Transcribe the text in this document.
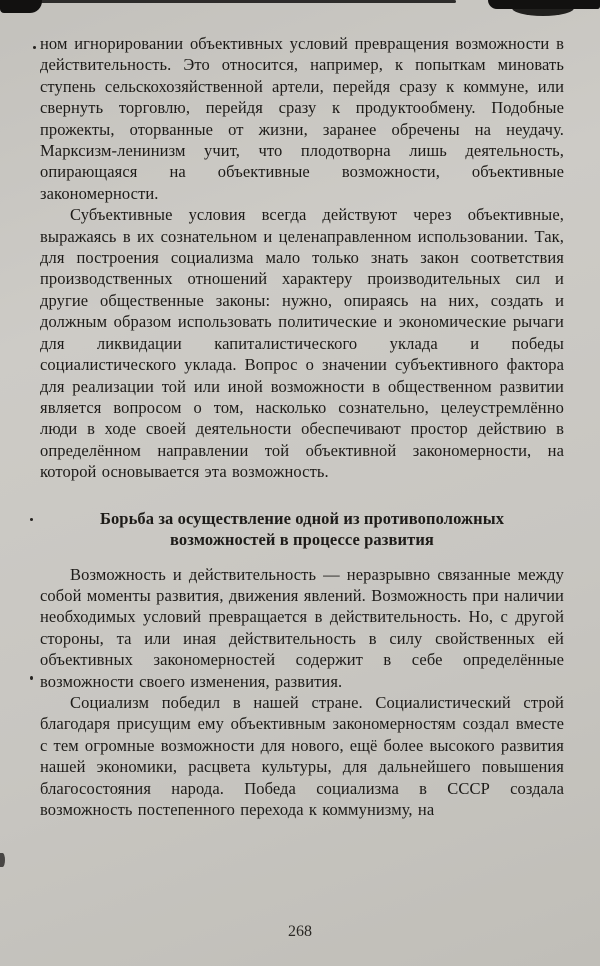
ном игнорировании объективных условий превращения возможности в действительность. Это относится, например, к попыткам миновать ступень сельскохозяйственной артели, перейдя сразу к коммуне, или свернуть торговлю, перейдя сразу к продуктообмену. Подобные прожекты, оторванные от жизни, заранее обречены на неудачу. Марксизм-ленинизм учит, что плодотворна лишь деятельность, опирающаяся на объективные возможности, объективные закономерности.

Субъективные условия всегда действуют через объективные, выражаясь в их сознательном и целенаправленном использовании. Так, для построения социализма мало только знать закон соответствия производственных отношений характеру производительных сил и другие общественные законы: нужно, опираясь на них, создать и должным образом использовать политические и экономические рычаги для ликвидации капиталистического уклада и победы социалистического уклада. Вопрос о значении субъективного фактора для реализации той или иной возможности в общественном развитии является вопросом о том, насколько сознательно, целеустремлённо люди в ходе своей деятельности обеспечивают простор действию в определённом направлении той объективной закономерности, на которой основывается эта возможность.

Борьба за осуществление одной из противоположных возможностей в процессе развития

Возможность и действительность — неразрывно связанные между собой моменты развития, движения явлений. Возможность при наличии необходимых условий превращается в действительность. Но, с другой стороны, та или иная действительность в силу свойственных ей объективных закономерностей содержит в себе определённые возможности своего изменения, развития.

Социализм победил в нашей стране. Социалистический строй благодаря присущим ему объективным закономерностям создал вместе с тем огромные возможности для нового, ещё более высокого развития нашей экономики, расцвета культуры, для дальнейшего повышения благосостояния народа. Победа социализма в СССР создала возможность постепенного перехода к коммунизму, на

268
